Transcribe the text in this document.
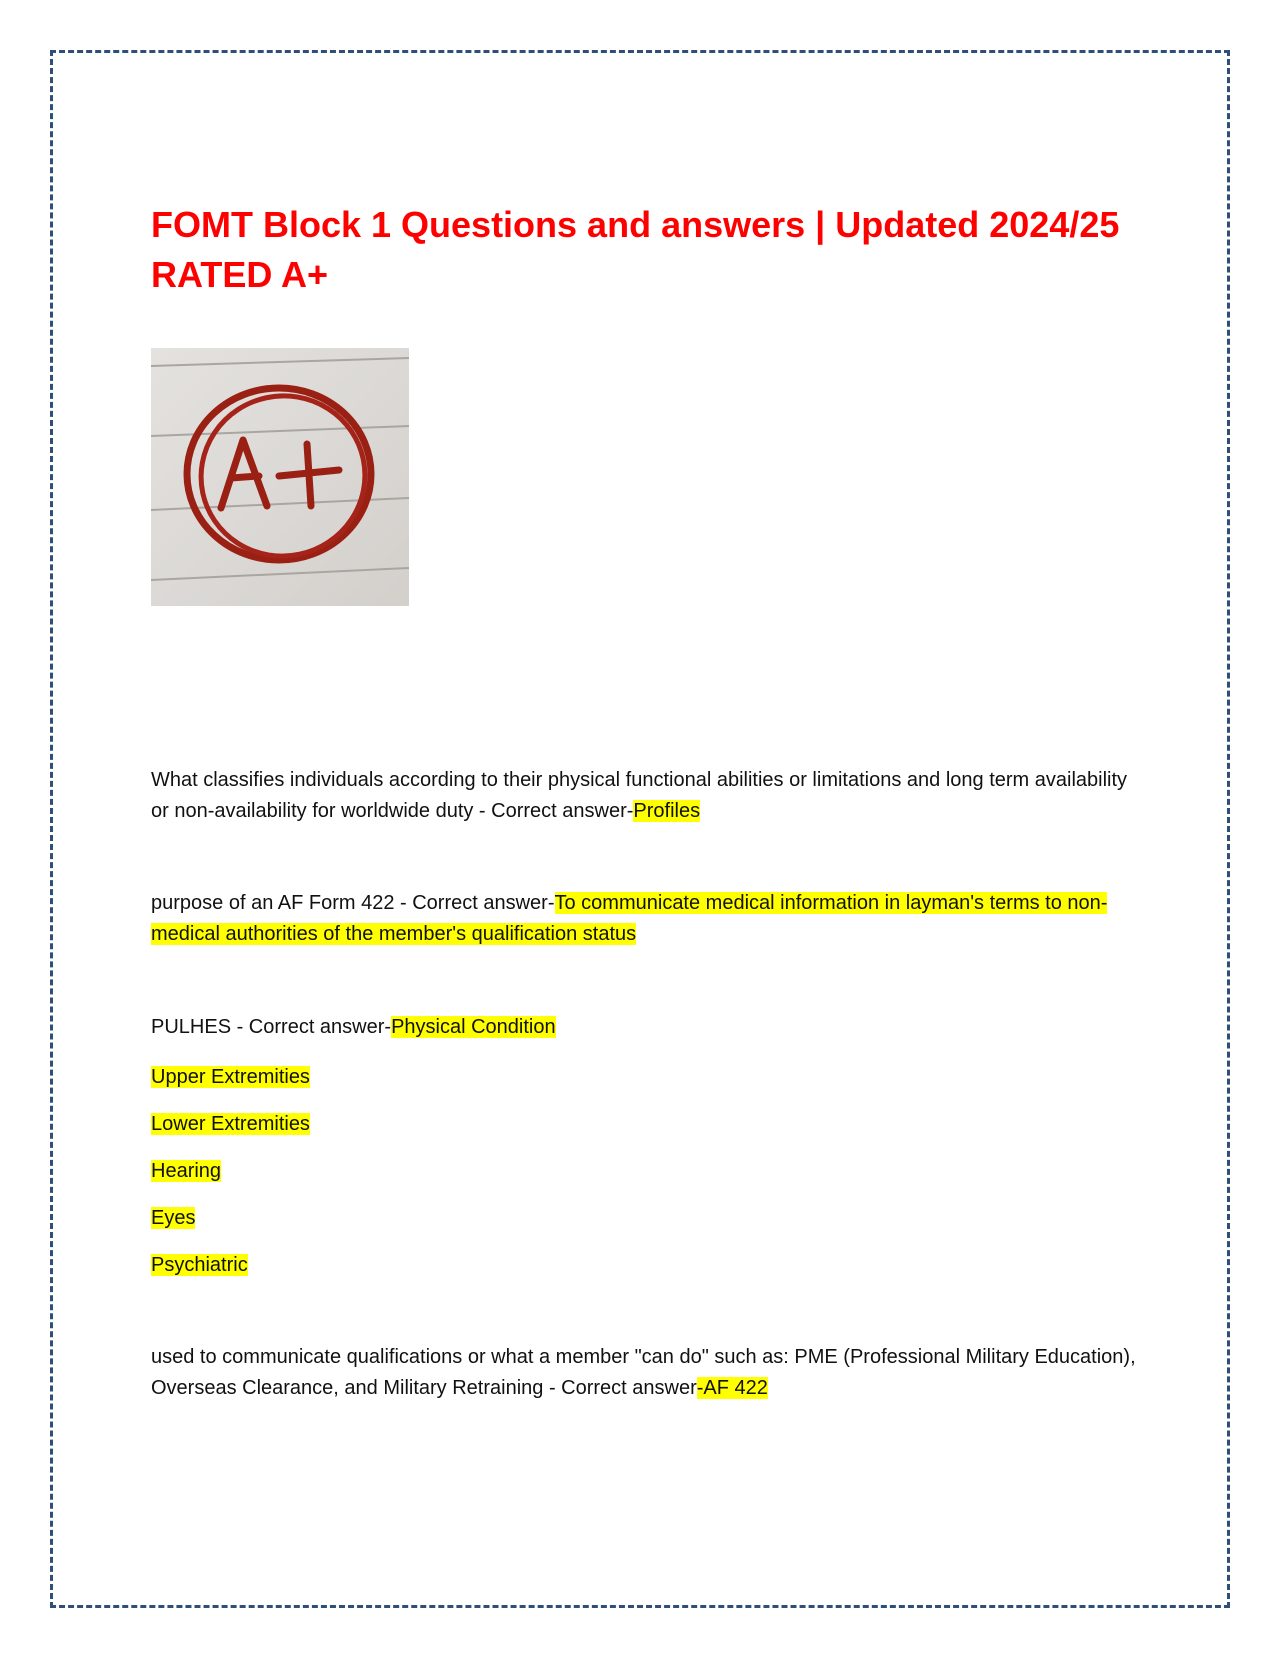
FOMT Block 1 Questions and answers | Updated 2024/25 RATED A+

What classifies individuals according to their physical functional abilities or limitations and long term availability or non-availability for worldwide duty - Correct answer-Profiles

purpose of an AF Form 422 - Correct answer-To communicate medical information in layman's terms to non-medical authorities of the member's qualification status

PULHES - Correct answer-Physical Condition

Upper Extremities

Lower Extremities

Hearing

Eyes

Psychiatric

used to communicate qualifications or what a member "can do" such as: PME (Professional Military Education), Overseas Clearance, and Military Retraining - Correct answer-AF 422
